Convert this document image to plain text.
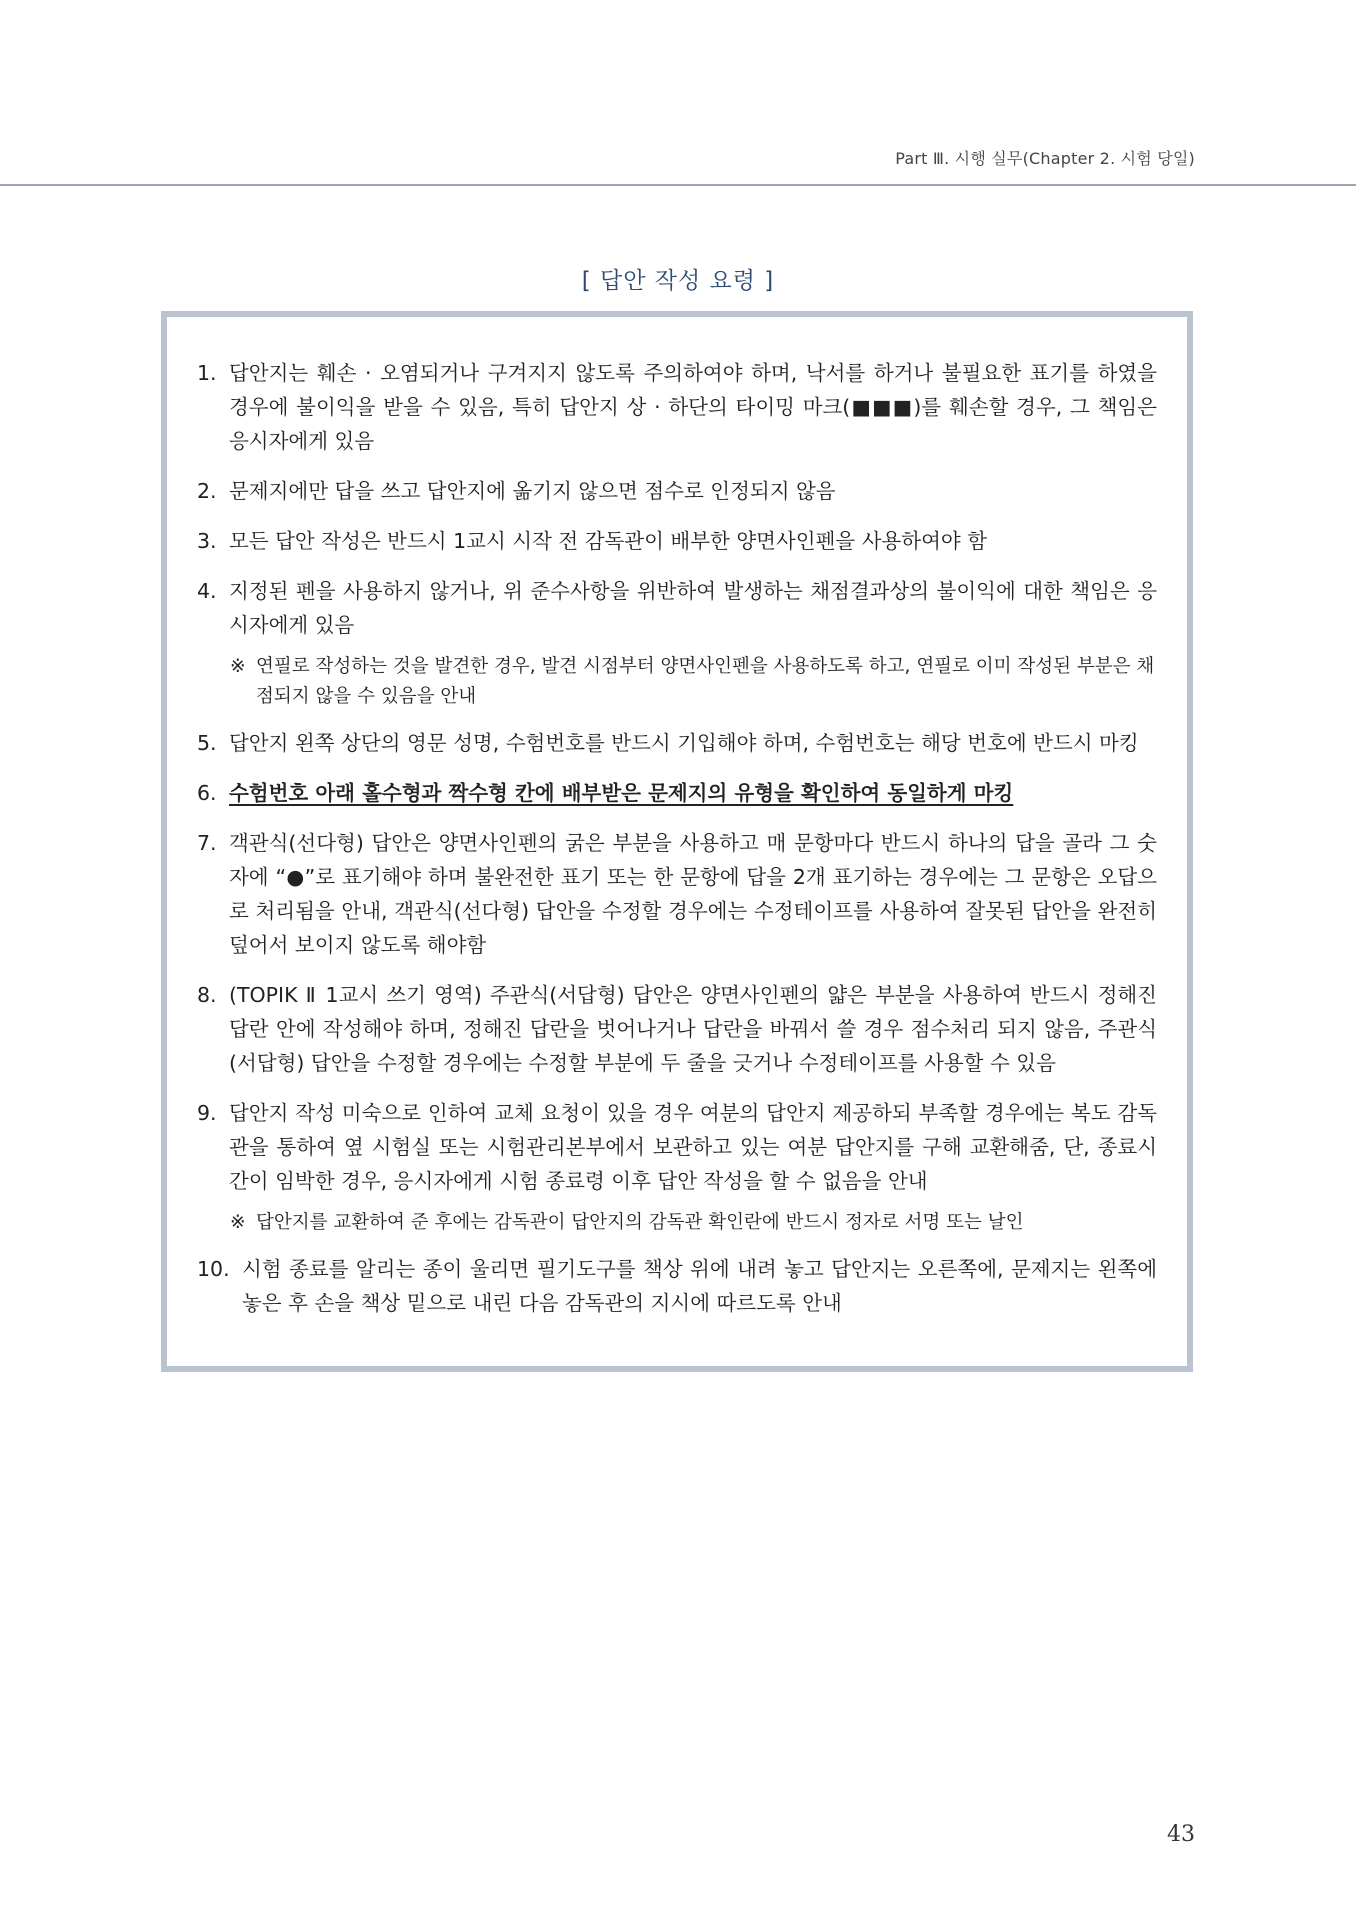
Part Ⅲ. 시행 실무(Chapter 2. 시험 당일)
[ 답안 작성 요령 ]
1. 답안지는 훼손 · 오염되거나 구겨지지 않도록 주의하여야 하며, 낙서를 하거나 불필요한 표기를 하였을 경우에 불이익을 받을 수 있음, 특히 답안지 상 · 하단의 타이밍 마크(■■■)를 훼손할 경우, 그 책임은 응시자에게 있음
2. 문제지에만 답을 쓰고 답안지에 옮기지 않으면 점수로 인정되지 않음
3. 모든 답안 작성은 반드시 1교시 시작 전 감독관이 배부한 양면사인펜을 사용하여야 함
4. 지정된 펜을 사용하지 않거나, 위 준수사항을 위반하여 발생하는 채점결과상의 불이익에 대한 책임은 응시자에게 있음
※ 연필로 작성하는 것을 발견한 경우, 발견 시점부터 양면사인펜을 사용하도록 하고, 연필로 이미 작성된 부분은 채점되지 않을 수 있음을 안내
5. 답안지 왼쪽 상단의 영문 성명, 수험번호를 반드시 기입해야 하며, 수험번호는 해당 번호에 반드시 마킹
6. 수험번호 아래 홀수형과 짝수형 칸에 배부받은 문제지의 유형을 확인하여 동일하게 마킹
7. 객관식(선다형) 답안은 양면사인펜의 굵은 부분을 사용하고 매 문항마다 반드시 하나의 답을 골라 그 숫자에 “●”로 표기해야 하며 불완전한 표기 또는 한 문항에 답을 2개 표기하는 경우에는 그 문항은 오답으로 처리됨을 안내, 객관식(선다형) 답안을 수정할 경우에는 수정테이프를 사용하여 잘못된 답안을 완전히 덮어서 보이지 않도록 해야함
8. (TOPIK Ⅱ 1교시 쓰기 영역) 주관식(서답형) 답안은 양면사인펜의 얇은 부분을 사용하여 반드시 정해진 답란 안에 작성해야 하며, 정해진 답란을 벗어나거나 답란을 바꿔서 쓸 경우 점수처리 되지 않음, 주관식 (서답형) 답안을 수정할 경우에는 수정할 부분에 두 줄을 긋거나 수정테이프를 사용할 수 있음
9. 답안지 작성 미숙으로 인하여 교체 요청이 있을 경우 여분의 답안지 제공하되 부족할 경우에는 복도 감독관을 통하여 옆 시험실 또는 시험관리본부에서 보관하고 있는 여분 답안지를 구해 교환해줌, 단, 종료시간이 임박한 경우, 응시자에게 시험 종료령 이후 답안 작성을 할 수 없음을 안내
※ 답안지를 교환하여 준 후에는 감독관이 답안지의 감독관 확인란에 반드시 정자로 서명 또는 날인
10. 시험 종료를 알리는 종이 울리면 필기도구를 책상 위에 내려 놓고 답안지는 오른쪽에, 문제지는 왼쪽에 놓은 후 손을 책상 밑으로 내린 다음 감독관의 지시에 따르도록 안내
43
